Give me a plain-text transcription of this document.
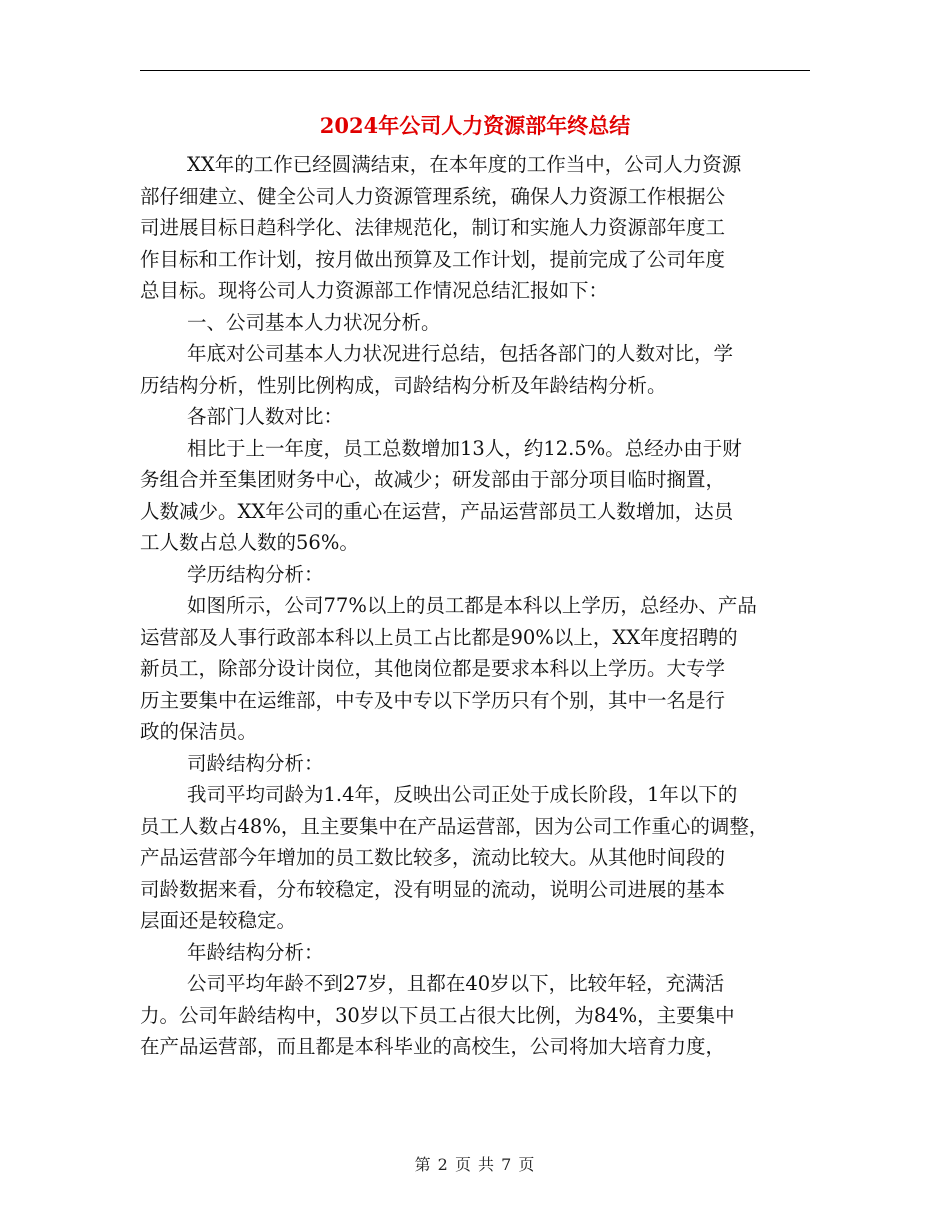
2024年公司人力资源部年终总结
XX年的工作已经圆满结束，在本年度的工作当中，公司人力资源
部仔细建立、健全公司人力资源管理系统，确保人力资源工作根据公
司进展目标日趋科学化、法律规范化，制订和实施人力资源部年度工
作目标和工作计划，按月做出预算及工作计划，提前完成了公司年度
总目标。现将公司人力资源部工作情况总结汇报如下：
一、公司基本人力状况分析。
年底对公司基本人力状况进行总结，包括各部门的人数对比，学
历结构分析，性别比例构成，司龄结构分析及年龄结构分析。
各部门人数对比：
相比于上一年度，员工总数增加13人，约12.5%。总经办由于财
务组合并至集团财务中心，故减少；研发部由于部分项目临时搁置，
人数减少。XX年公司的重心在运营，产品运营部员工人数增加，达员
工人数占总人数的56%。
学历结构分析：
如图所示，公司77%以上的员工都是本科以上学历，总经办、产品
运营部及人事行政部本科以上员工占比都是90%以上，XX年度招聘的
新员工，除部分设计岗位，其他岗位都是要求本科以上学历。大专学
历主要集中在运维部，中专及中专以下学历只有个别，其中一名是行
政的保洁员。
司龄结构分析：
我司平均司龄为1.4年，反映出公司正处于成长阶段，1年以下的
员工人数占48%，且主要集中在产品运营部，因为公司工作重心的调整，
产品运营部今年增加的员工数比较多，流动比较大。从其他时间段的
司龄数据来看，分布较稳定，没有明显的流动，说明公司进展的基本
层面还是较稳定。
年龄结构分析：
公司平均年龄不到27岁，且都在40岁以下，比较年轻，充满活
力。公司年龄结构中，30岁以下员工占很大比例，为84%，主要集中
在产品运营部，而且都是本科毕业的高校生，公司将加大培育力度，
第 2 页 共 7 页
